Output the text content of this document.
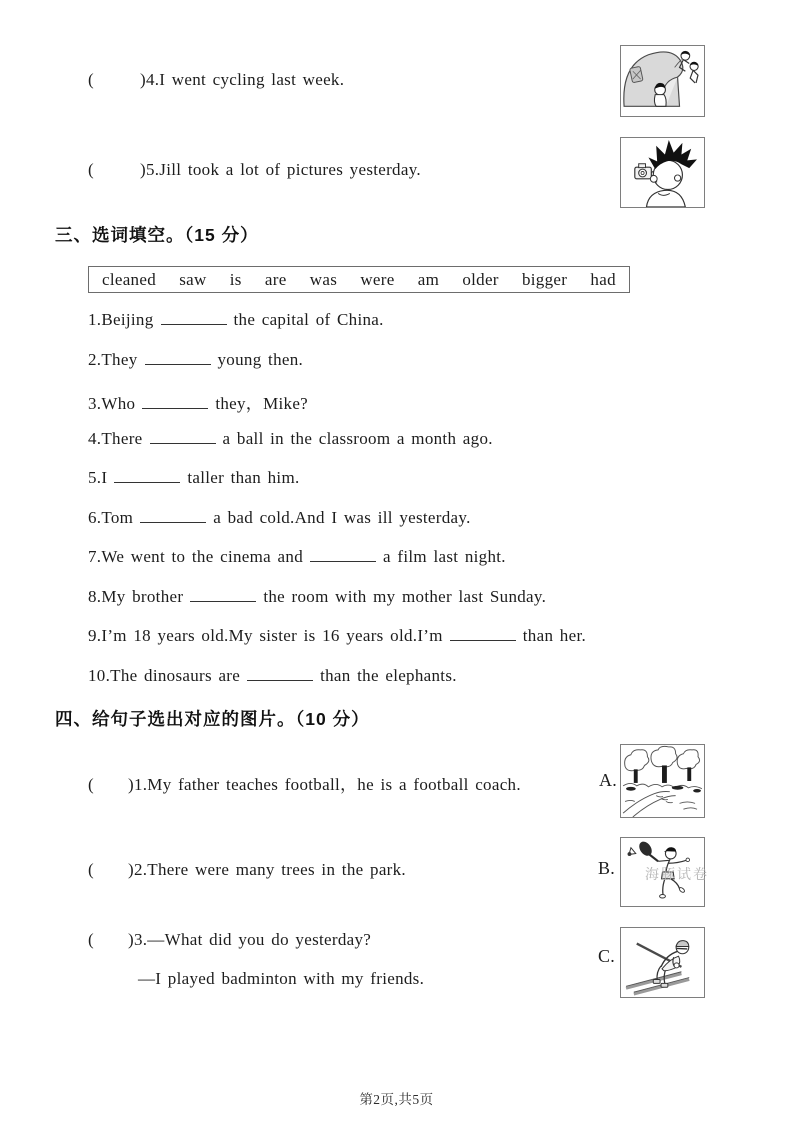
(	)4.I went cycling last week.
(	)5.Jill took a lot of pictures yesterday.
三、选词填空。（15 分）
cleaned saw is are was were am older bigger had
1.Beijing	the capital of China.
2.They	young then.
3.Who	they，Mike?
4.There	a ball in the classroom a month ago.
5.I	taller than him.
6.Tom	a bad cold.And I was ill yesterday.
7.We went to the cinema and	a film last night.
8.My brother	the room with my mother last Sunday.
9.I’m 18 years old.My sister is 16 years old.I’m	than her.
10.The dinosaurs are	than the elephants.
四、给句子选出对应的图片。（10 分）
( )1.My father teaches football，he is a football coach.	A.
( )2.There were many trees in the park.	B. 海豚试卷
( )3.—What did you do yesterday?
—I played badminton with my friends.
C.
第2页,共5页
